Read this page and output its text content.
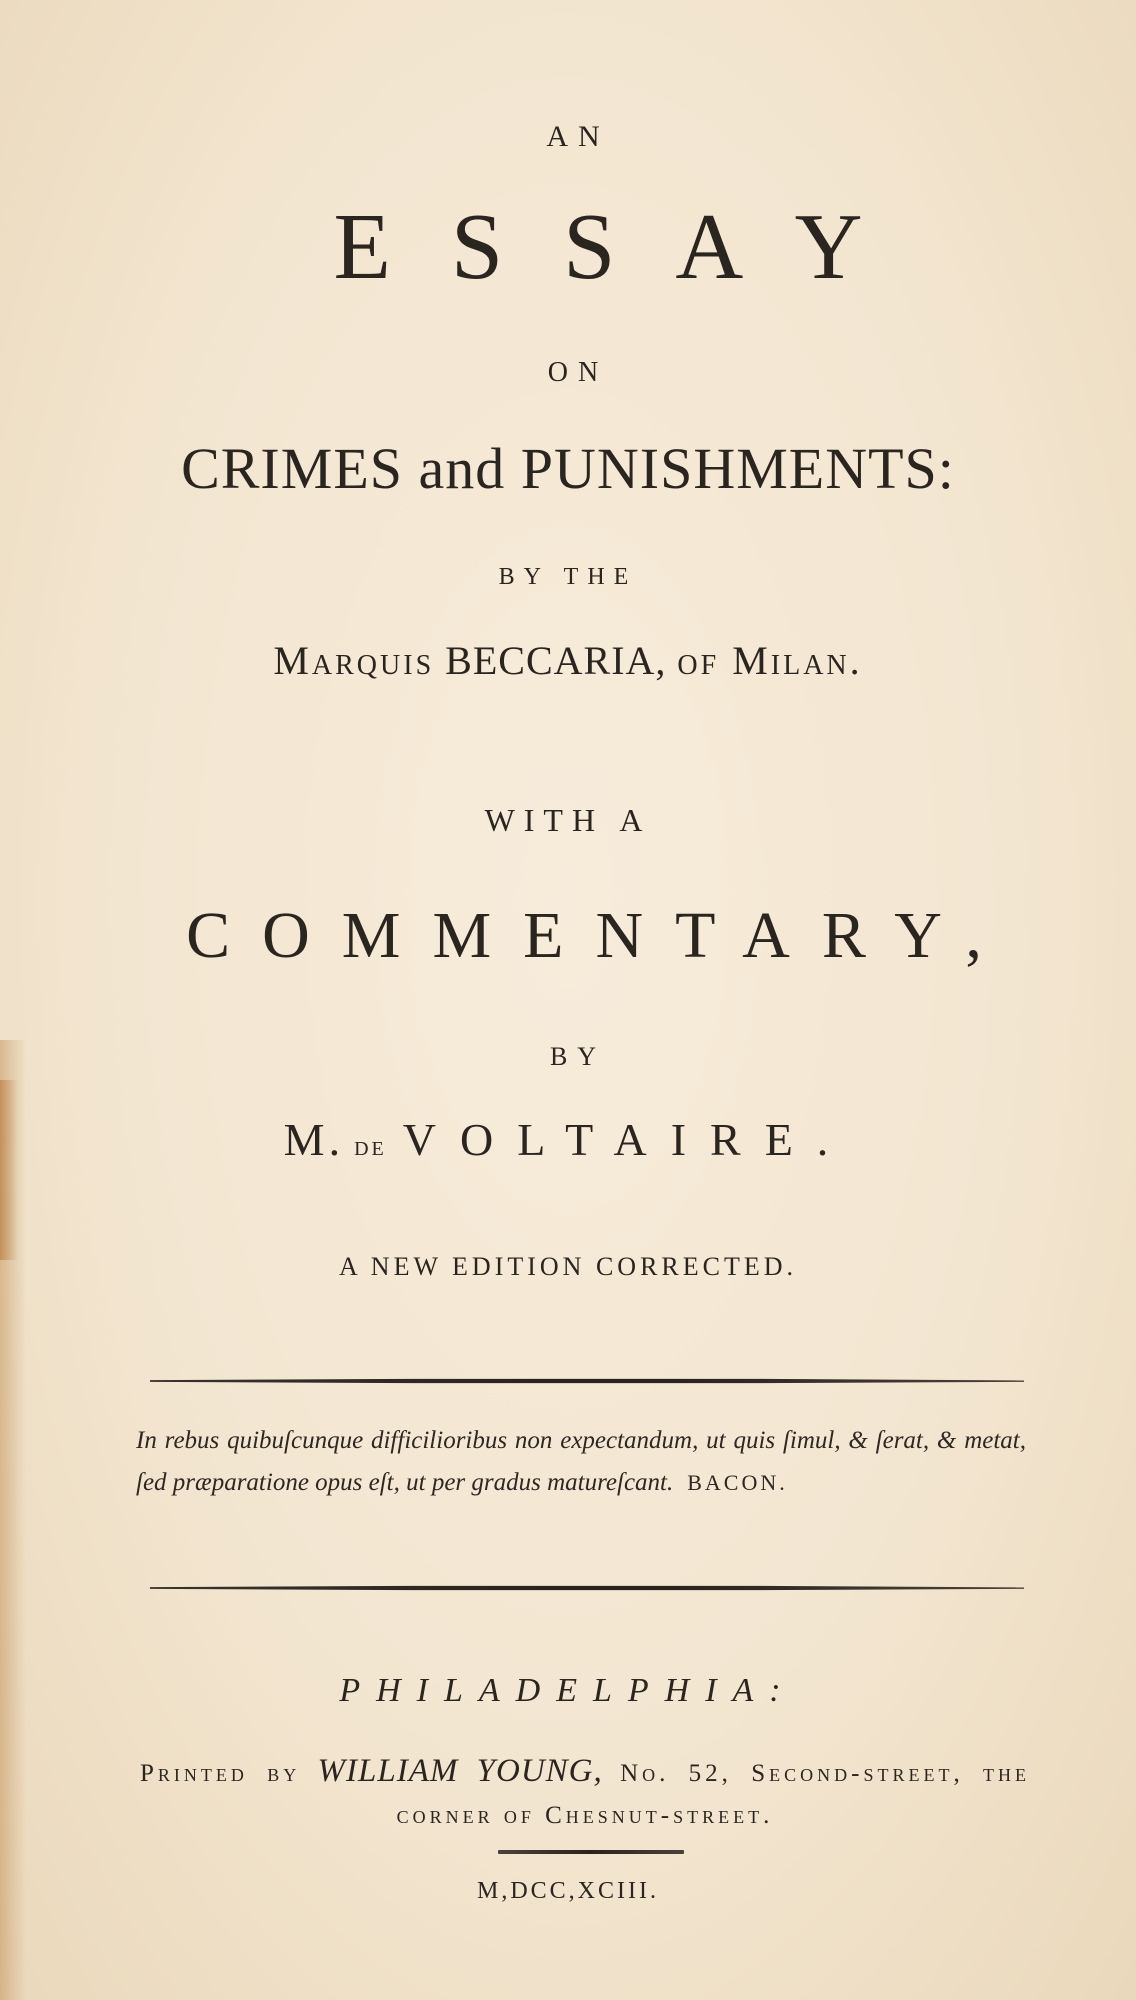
AN
ESSAY
ON
CRIMES and PUNISHMENTS:
BY THE
Marquis BECCARIA, of Milan.
WITH A
COMMENTARY,
BY
M. de VOLTAIRE.
A NEW EDITION CORRECTED.
In rebus quibuſcunque difficilioribus non expectandum, ut quis ſimul, & ſerat, & metat, ſed præparatione opus eſt, ut per gradus matureſcant. BACON.
PHILADELPHIA:
Printed by WILLIAM YOUNG, No. 52, Second-street, the corner of Chesnut-street.
M,DCC,XCIII.
